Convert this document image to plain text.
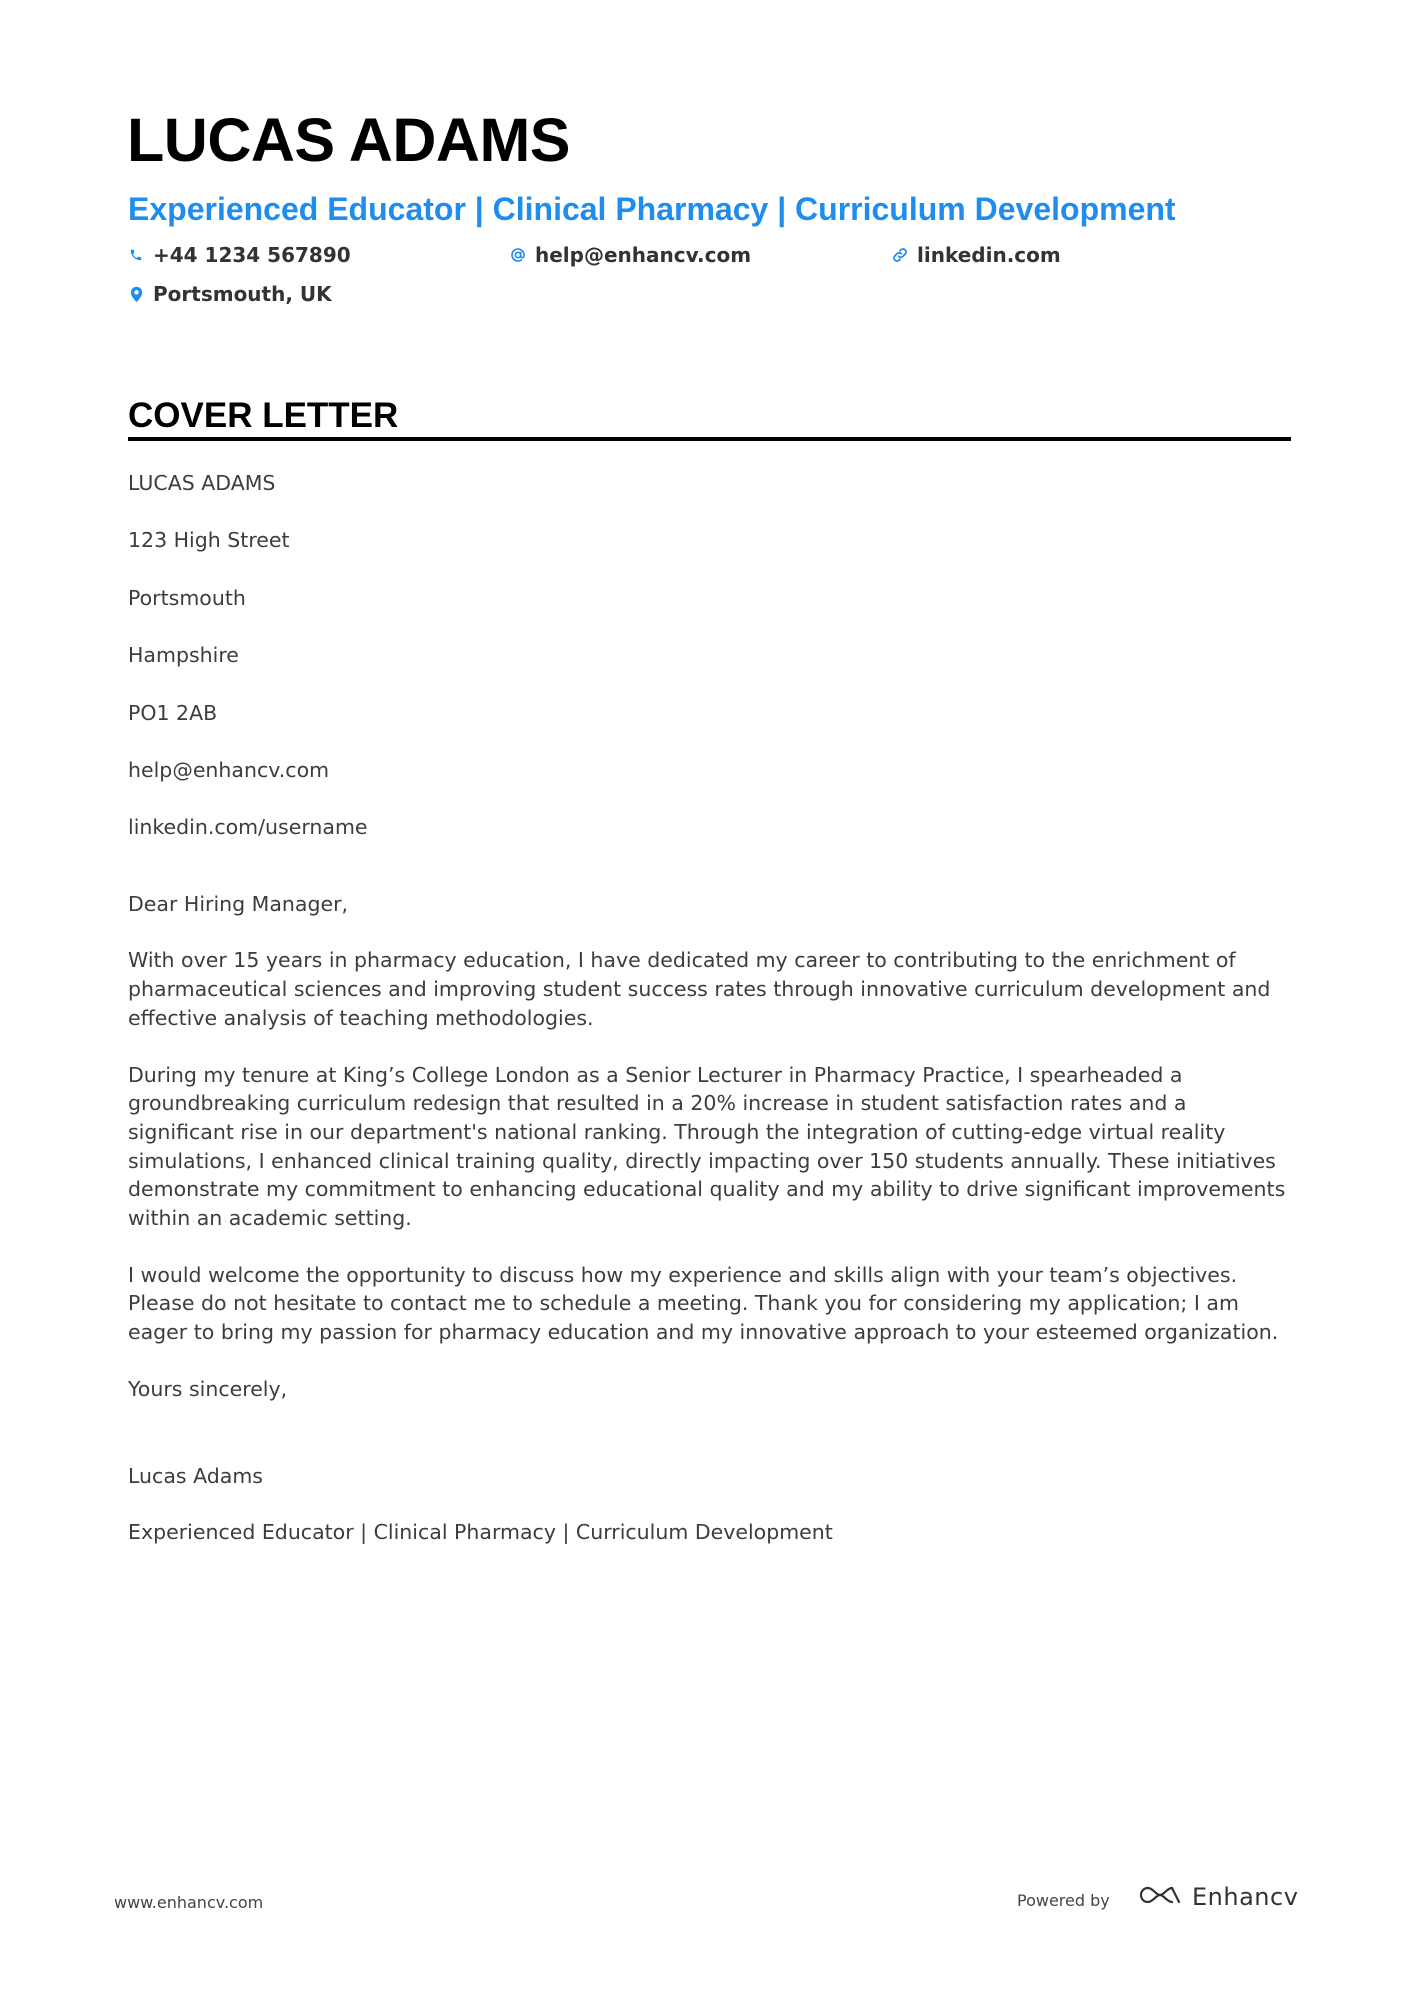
LUCAS ADAMS
Experienced Educator | Clinical Pharmacy | Curriculum Development
+44 1234 567890	help@enhancv.com	linkedin.com
Portsmouth, UK
COVER LETTER
LUCAS ADAMS
123 High Street
Portsmouth
Hampshire
PO1 2AB
help@enhancv.com
linkedin.com/username

Dear Hiring Manager,

With over 15 years in pharmacy education, I have dedicated my career to contributing to the enrichment of pharmaceutical sciences and improving student success rates through innovative curriculum development and effective analysis of teaching methodologies.

During my tenure at King’s College London as a Senior Lecturer in Pharmacy Practice, I spearheaded a groundbreaking curriculum redesign that resulted in a 20% increase in student satisfaction rates and a significant rise in our department's national ranking. Through the integration of cutting-edge virtual reality simulations, I enhanced clinical training quality, directly impacting over 150 students annually. These initiatives demonstrate my commitment to enhancing educational quality and my ability to drive significant improvements within an academic setting.

I would welcome the opportunity to discuss how my experience and skills align with your team’s objectives. Please do not hesitate to contact me to schedule a meeting. Thank you for considering my application; I am eager to bring my passion for pharmacy education and my innovative approach to your esteemed organization.

Yours sincerely,

Lucas Adams

Experienced Educator | Clinical Pharmacy | Curriculum Development

www.enhancv.com	Powered by	Enhancv
